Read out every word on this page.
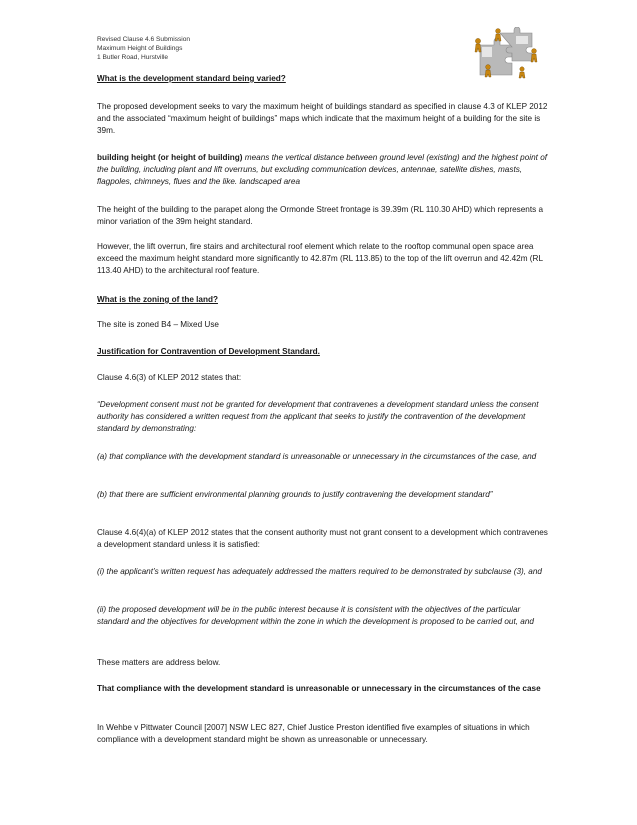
Revised Clause 4.6 Submission
Maximum Height of Buildings
1 Butler Road, Hurstville

What is the development standard being varied?

The proposed development seeks to vary the maximum height of buildings standard as specified in clause 4.3 of KLEP 2012 and the associated “maximum height of buildings” maps which indicate that the maximum height of a building for the site is 39m.

building height (or height of building) means the vertical distance between ground level (existing) and the highest point of the building, including plant and lift overruns, but excluding communication devices, antennae, satellite dishes, masts, flagpoles, chimneys, flues and the like. landscaped area

The height of the building to the parapet along the Ormonde Street frontage is 39.39m (RL 110.30 AHD) which represents a minor variation of the 39m height standard.

However, the lift overrun, fire stairs and architectural roof element which relate to the rooftop communal open space area exceed the maximum height standard more significantly to 42.87m (RL 113.85) to the top of the lift overrun and 42.42m (RL 113.40 AHD) to the architectural roof feature.

What is the zoning of the land?

The site is zoned B4 – Mixed Use

Justification for Contravention of Development Standard.

Clause 4.6(3) of KLEP 2012 states that:

“Development consent must not be granted for development that contravenes a development standard unless the consent authority has considered a written request from the applicant that seeks to justify the contravention of the development standard by demonstrating:

(a) that compliance with the development standard is unreasonable or unnecessary in the circumstances of the case, and

(b) that there are sufficient environmental planning grounds to justify contravening the development standard”

Clause 4.6(4)(a) of KLEP 2012 states that the consent authority must not grant consent to a development which contravenes a development standard unless it is satisfied:

(i) the applicant’s written request has adequately addressed the matters required to be demonstrated by subclause (3), and

(ii) the proposed development will be in the public interest because it is consistent with the objectives of the particular standard and the objectives for development within the zone in which the development is proposed to be carried out, and

These matters are address below.

That compliance with the development standard is unreasonable or unnecessary in the circumstances of the case

In Wehbe v Pittwater Council [2007] NSW LEC 827, Chief Justice Preston identified five examples of situations in which compliance with a development standard might be shown as unreasonable or unnecessary.
